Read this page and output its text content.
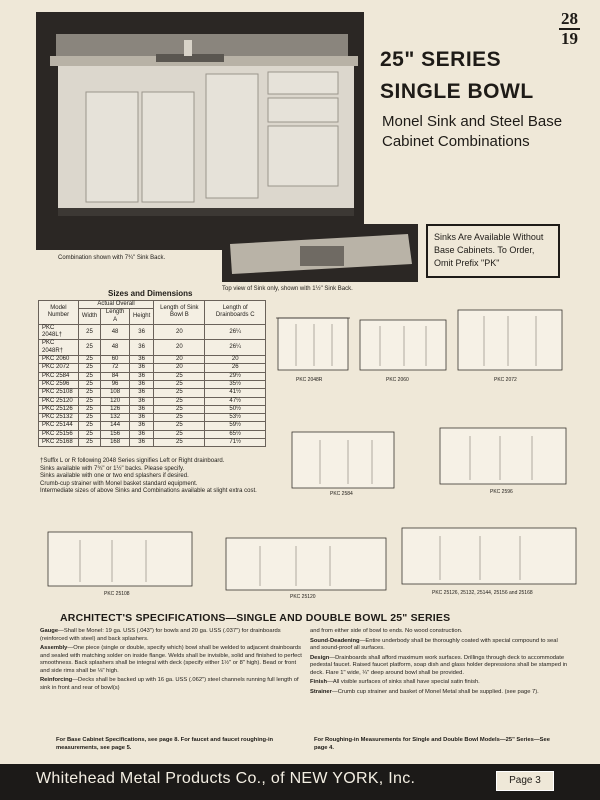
28
19
Combination shown with 7¾" Sink Back.
25" SERIES
SINGLE BOWL
Monel Sink and Steel Base Cabinet Combinations
Sinks Are Available Without Base Cabinets. To Order, Omit Prefix "PK"
Top view of Sink only, shown with 1½" Sink Back.
Sizes and Dimensions
Model Number	Actual Overall			Length of Sink Bowl B	Length of Drainboards C
	Width	Length A	Height		
PKC 2048L†	25	48	36	20	26¼
PKC 2048R†	25	48	36	20	26¼
PKC 2060	25	60	36	20	20
PKC 2072	25	72	36	20	26
PKC 2584	25	84	36	25	29½
PKC 2596	25	96	36	25	35½
PKC 25108	25	108	36	25	41½
PKC 25120	25	120	36	25	47½
PKC 25126	25	126	36	25	50½
PKC 25132	25	132	36	25	53½
PKC 25144	25	144	36	25	59½
PKC 25156	25	156	36	25	65½
PKC 25168	25	168	36	25	71½
†Suffix L or R following 2048 Series signifies Left or Right drainboard.
Sinks available with 7¾" or 1½" backs. Please specify.
Sinks available with one or two end splashers if desired.
Crumb-cup strainer with Monel basket standard equipment.
Intermediate sizes of above Sinks and Combinations available at slight extra cost.
PKC 2048R	PKC 2060	PKC 2072
PKC 2584	PKC 2596
PKC 25108	PKC 25120
PKC 25126, 25132, 25144, 25156 and 25168
ARCHITECT'S SPECIFICATIONS—SINGLE AND DOUBLE BOWL 25" SERIES

Gauge—Shall be Monel: 19 ga. USS (.043") for bowls and 20 ga. USS (.037") for drainboards (reinforced with steel) and back splashers.

Assembly—One piece (single or double, specify which) bowl shall be welded to adjacent drainboards and sealed with matching solder on inside flange. Welds shall be invisible, solid and finished to perfect smoothness. Back splashers shall be integral with deck (specify either 1½" or 8" high). Bead or front and side rims shall be ⅛" high.

Reinforcing—Decks shall be backed up with 16 ga. USS (.062") steel channels running full length of sink in front and rear of bowl(s)

and from either side of bowl to ends. No wood construction.

Sound-Deadening—Entire underbody shall be thoroughly coated with special compound to seal and sound-proof all surfaces.

Design—Drainboards shall afford maximum work surfaces. Drillings through deck to accommodate pedestal faucet. Raised faucet platform, soap dish and glass holder depressions shall be stamped in deck. Flare 1" wide, ¼" deep around bowl shall be provided.

Finish—All visible surfaces of sinks shall have special satin finish.

Strainer—Crumb cup strainer and basket of Monel Metal shall be supplied. (see page 7).

For Base Cabinet Specifications, see page 8. For faucet and faucet roughing-in measurements, see page 5.
For Roughing-in Measurements for Single and Double Bowl Models—25" Series—See page 4.
Whitehead Metal Products Co., of NEW YORK, Inc.	Page 3
